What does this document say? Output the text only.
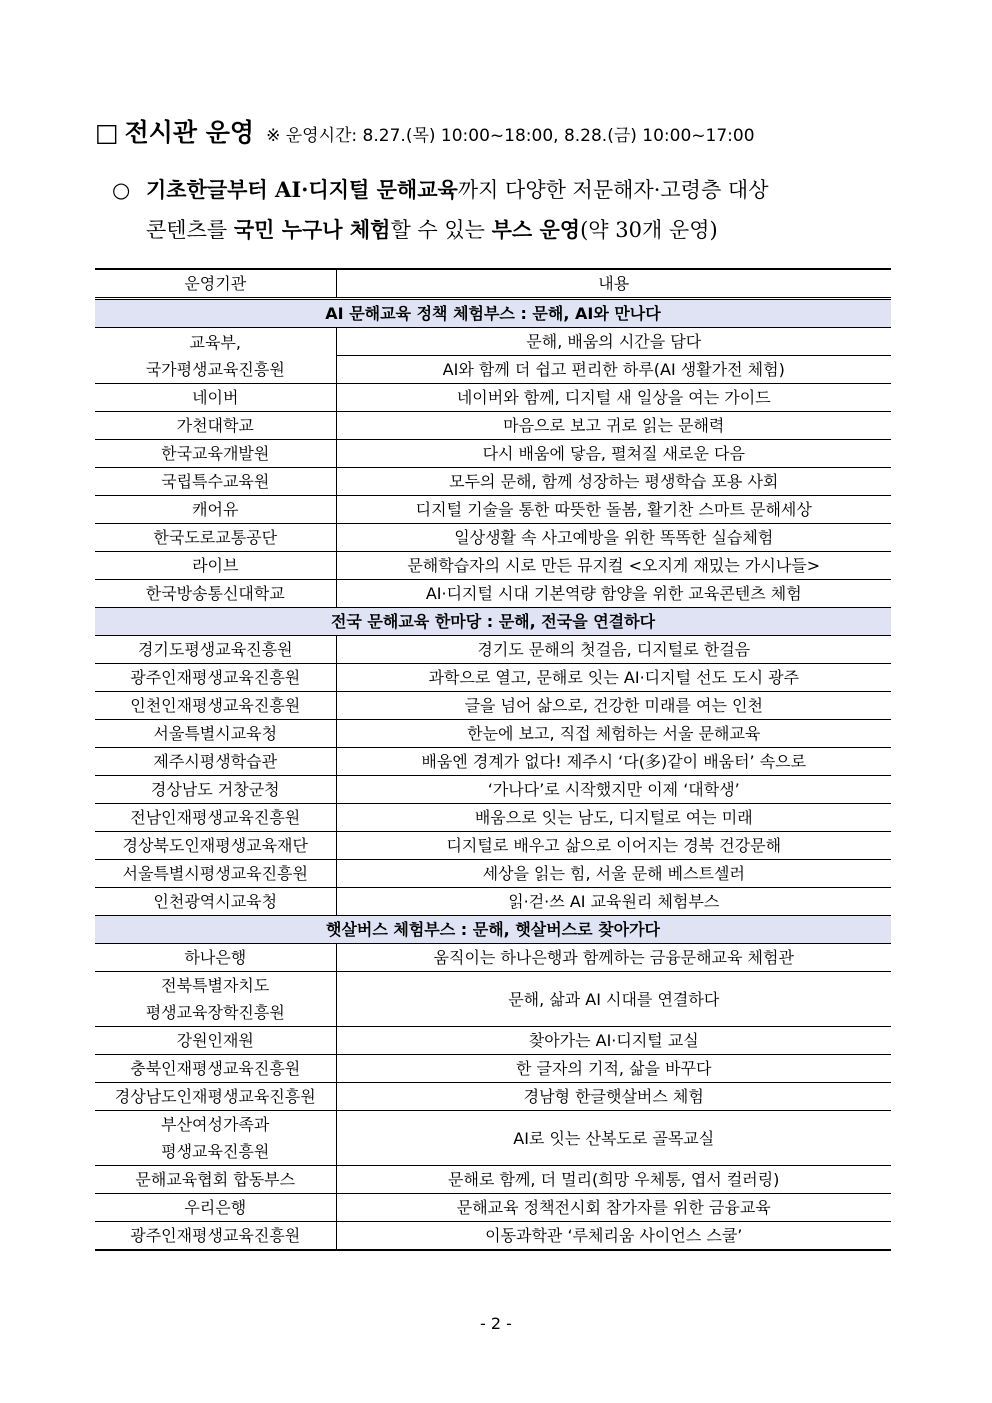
□ 전시관 운영 ※ 운영시간: 8.27.(목) 10:00~18:00, 8.28.(금) 10:00~17:00
○ 기초한글부터 AI·디지털 문해교육까지 다양한 저문해자·고령층 대상
콘텐츠를 국민 누구나 체험할 수 있는 부스 운영(약 30개 운영)
운영기관	내용
AI 문해교육 정책 체험부스 : 문해, AI와 만나다	
교육부,
국가평생교육진흥원	문해, 배움의 시간을 담다
	AI와 함께 더 쉽고 편리한 하루(AI 생활가전 체험)
네이버	네이버와 함께, 디지털 새 일상을 여는 가이드
가천대학교	마음으로 보고 귀로 읽는 문해력
한국교육개발원	다시 배움에 닿음, 펼쳐질 새로운 다음
국립특수교육원	모두의 문해, 함께 성장하는 평생학습 포용 사회
캐어유	디지털 기술을 통한 따뜻한 돌봄, 활기찬 스마트 문해세상
한국도로교통공단	일상생활 속 사고예방을 위한 똑똑한 실습체험
라이브	문해학습자의 시로 만든 뮤지컬 <오지게 재밌는 가시나들>
한국방송통신대학교	AI·디지털 시대 기본역량 함양을 위한 교육콘텐츠 체험
전국 문해교육 한마당 : 문해, 전국을 연결하다	
경기도평생교육진흥원	경기도 문해의 첫걸음, 디지털로 한걸음
광주인재평생교육진흥원	과학으로 열고, 문해로 잇는 AI·디지털 선도 도시 광주
인천인재평생교육진흥원	글을 넘어 삶으로, 건강한 미래를 여는 인천
서울특별시교육청	한눈에 보고, 직접 체험하는 서울 문해교육
제주시평생학습관	배움엔 경계가 없다! 제주시 ‘다(多)같이 배움터’ 속으로
경상남도 거창군청	‘가나다’로 시작했지만 이제 ‘대학생’
전남인재평생교육진흥원	배움으로 잇는 남도, 디지털로 여는 미래
경상북도인재평생교육재단	디지털로 배우고 삶으로 이어지는 경북 건강문해
서울특별시평생교육진흥원	세상을 읽는 힘, 서울 문해 베스트셀러
인천광역시교육청	읽·걷·쓰 AI 교육원리 체험부스
햇살버스 체험부스 : 문해, 햇살버스로 찾아가다	
하나은행	움직이는 하나은행과 함께하는 금융문해교육 체험관
전북특별자치도
평생교육장학진흥원	문해, 삶과 AI 시대를 연결하다
강원인재원	찾아가는 AI·디지털 교실
충북인재평생교육진흥원	한 글자의 기적, 삶을 바꾸다
경상남도인재평생교육진흥원	경남형 한글햇살버스 체험
부산여성가족과
평생교육진흥원	AI로 잇는 산복도로 골목교실
문해교육협회 합동부스	문해로 함께, 더 멀리(희망 우체통, 엽서 컬러링)
우리은행	문해교육 정책전시회 참가자를 위한 금융교육
광주인재평생교육진흥원	이동과학관 ‘루체리움 사이언스 스쿨’
- 2 -
